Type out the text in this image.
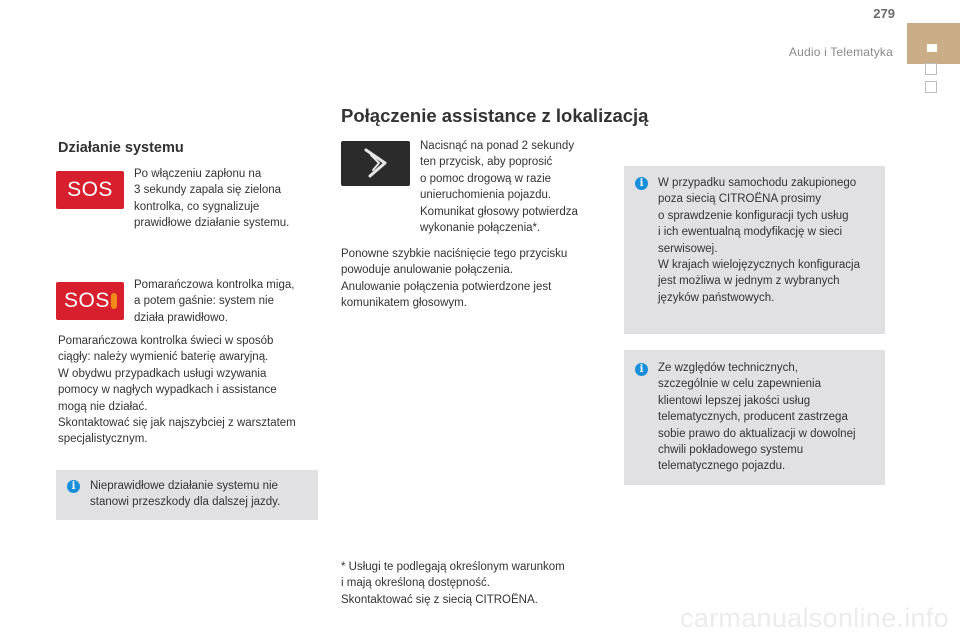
279
Audio i Telematyka
Połączenie assistance z lokalizacją
Działanie systemu
SOS
Po włączeniu zapłonu na
3 sekundy zapala się zielona
kontrolka, co sygnalizuje
prawidłowe działanie systemu.
SOS
Pomarańczowa kontrolka miga,
a potem gaśnie: system nie
działa prawidłowo.
Pomarańczowa kontrolka świeci w sposób
ciągły: należy wymienić baterię awaryjną.
W obydwu przypadkach usługi wzywania
pomocy w nagłych wypadkach i assistance
mogą nie działać.
Skontaktować się jak najszybciej z warsztatem
specjalistycznym.
i	Nieprawidłowe działanie systemu nie
stanowi przeszkody dla dalszej jazdy.
Nacisnąć na ponad 2 sekundy
ten przycisk, aby poprosić
o pomoc drogową w razie
unieruchomienia pojazdu.
Komunikat głosowy potwierdza
wykonanie połączenia*.
Ponowne szybkie naciśnięcie tego przycisku
powoduje anulowanie połączenia.
Anulowanie połączenia potwierdzone jest
komunikatem głosowym.
* Usługi te podlegają określonym warunkom
i mają określoną dostępność.
Skontaktować się z siecią CITROËNA.
i	W przypadku samochodu zakupionego
poza siecią CITROËNA prosimy
o sprawdzenie konfiguracji tych usług
i ich ewentualną modyfikację w sieci
serwisowej.
W krajach wielojęzycznych konfiguracja
jest możliwa w jednym z wybranych
języków państwowych.
i	Ze względów technicznych,
szczególnie w celu zapewnienia
klientowi lepszej jakości usług
telematycznych, producent zastrzega
sobie prawo do aktualizacji w dowolnej
chwili pokładowego systemu
telematycznego pojazdu.
carmanualsonline.info
